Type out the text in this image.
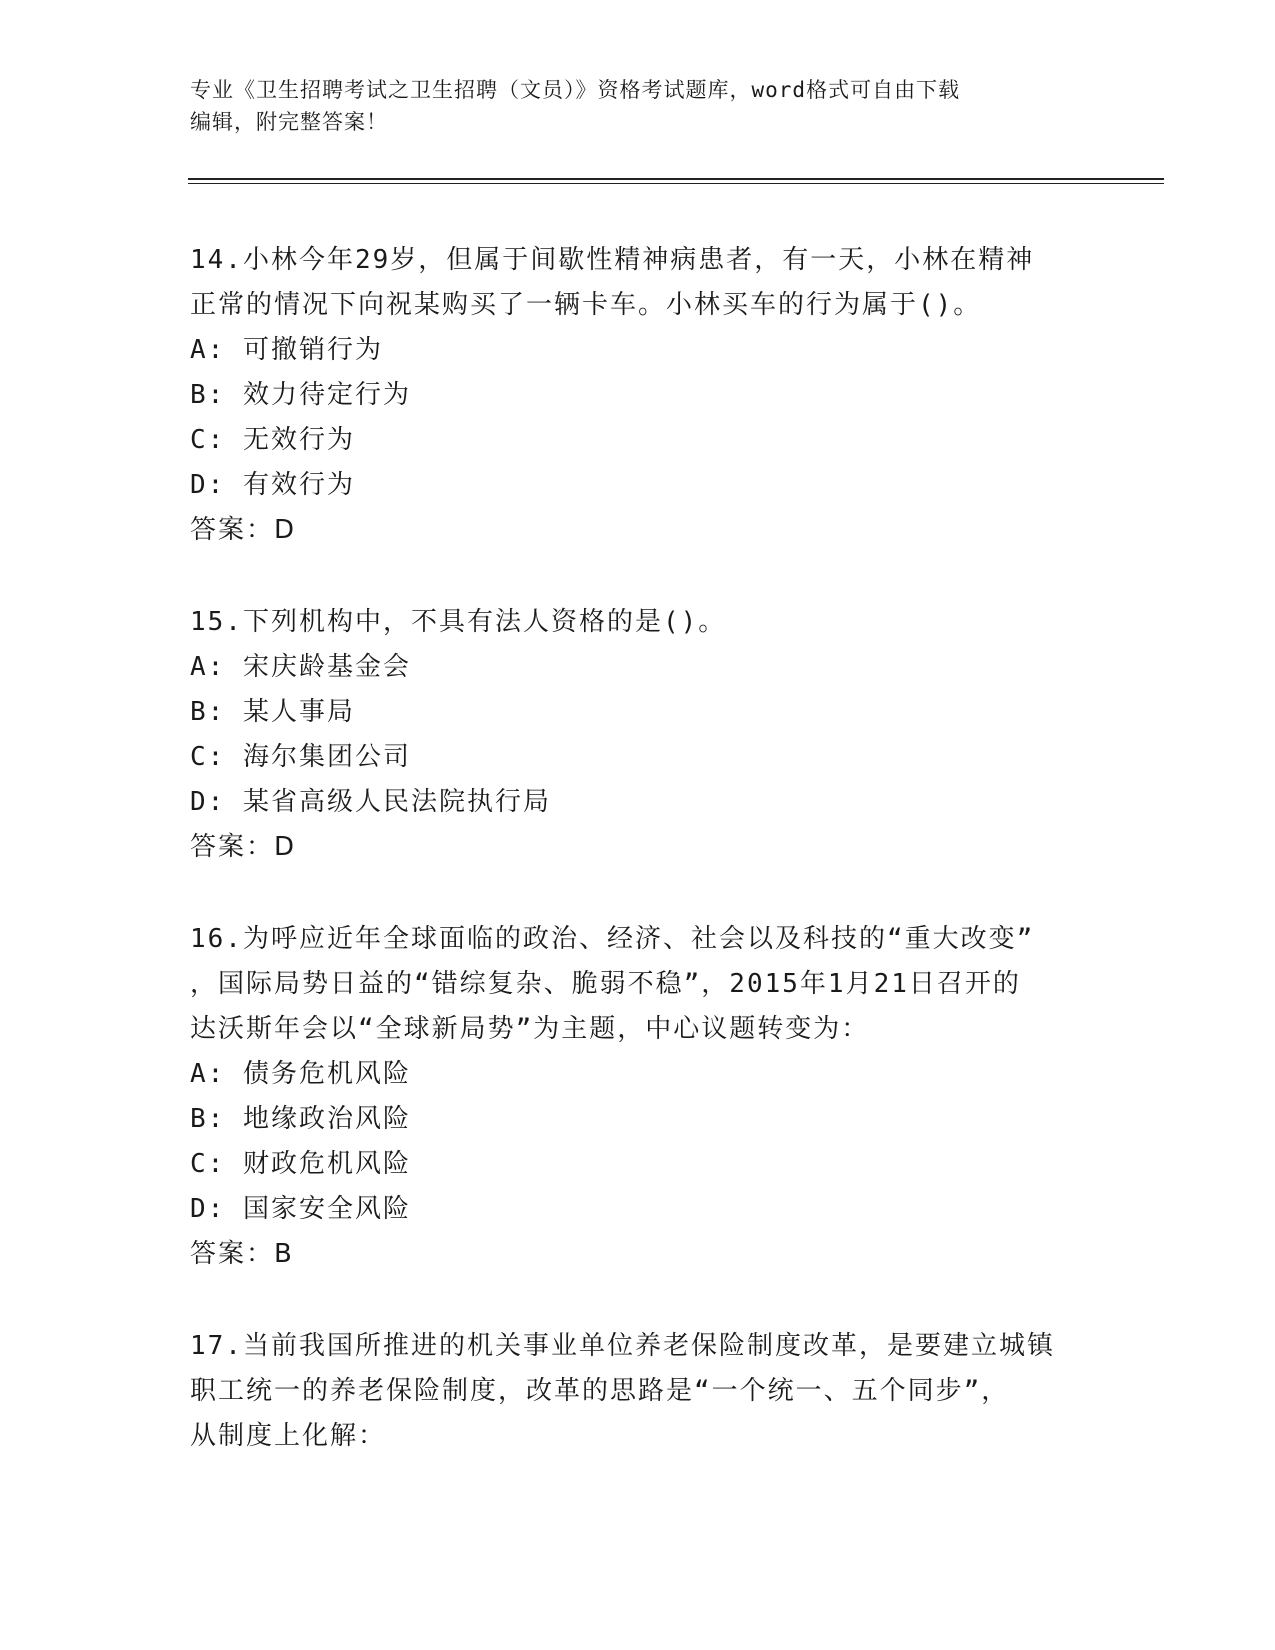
专业《卫生招聘考试之卫生招聘（文员）》资格考试题库，word格式可自由下载
编辑，附完整答案！
14.小林今年29岁，但属于间歇性精神病患者，有一天，小林在精神
正常的情况下向祝某购买了一辆卡车。小林买车的行为属于()。
A: 可撤销行为
B: 效力待定行为
C: 无效行为
D: 有效行为
答案：D
15.下列机构中，不具有法人资格的是()。
A: 宋庆龄基金会
B: 某人事局
C: 海尔集团公司
D: 某省高级人民法院执行局
答案：D
16.为呼应近年全球面临的政治、经济、社会以及科技的“重大改变”
，国际局势日益的“错综复杂、脆弱不稳”，2015年1月21日召开的
达沃斯年会以“全球新局势”为主题，中心议题转变为：
A: 债务危机风险
B: 地缘政治风险
C: 财政危机风险
D: 国家安全风险
答案：B
17.当前我国所推进的机关事业单位养老保险制度改革，是要建立城镇
职工统一的养老保险制度，改革的思路是“一个统一、五个同步”，
从制度上化解：
